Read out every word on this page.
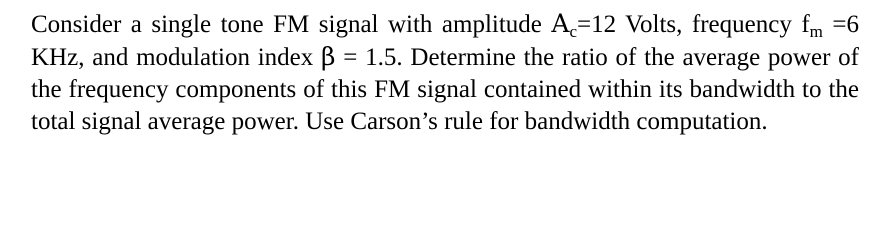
Consider a single tone FM signal with amplitude $A_c=12$ Volts, frequency $f_m =6$ KHz, and modulation index β = 1.5. Determine the ratio of the average power of the frequency components of this FM signal contained within its bandwidth to the total signal average power. Use Carson’s rule for bandwidth computation.
